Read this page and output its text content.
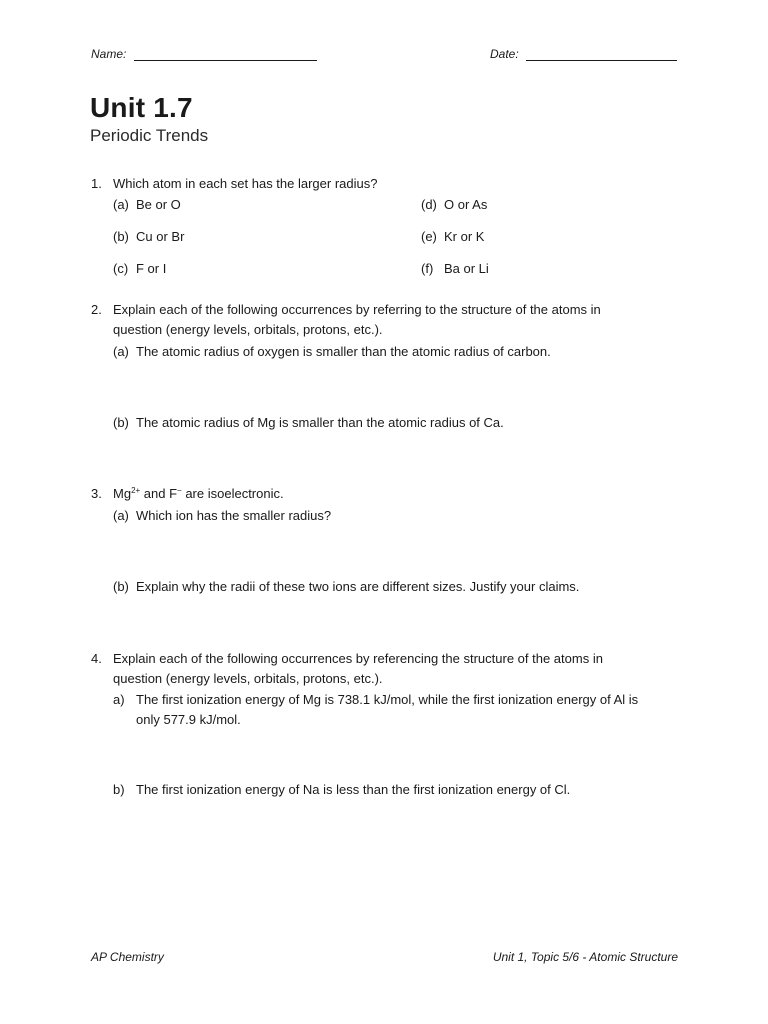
Name:	Date:
Unit 1.7
Periodic Trends
1. Which atom in each set has the larger radius?
(a) Be or O	(d) O or As
(b) Cu or Br	(e) Kr or K
(c) F or I	(f) Ba or Li
2. Explain each of the following occurrences by referring to the structure of the atoms in
question (energy levels, orbitals, protons, etc.).
(a) The atomic radius of oxygen is smaller than the atomic radius of carbon.
(b) The atomic radius of Mg is smaller than the atomic radius of Ca.
3. $Mg^{2+}$ and F− are isoelectronic.
(a) Which ion has the smaller radius?
(b) Explain why the radii of these two ions are different sizes. Justify your claims.
4. Explain each of the following occurrences by referencing the structure of the atoms in
question (energy levels, orbitals, protons, etc.).
a) The first ionization energy of Mg is 738.1 kJ/mol, while the first ionization energy of Al is
only 577.9 kJ/mol.
b) The first ionization energy of Na is less than the first ionization energy of Cl.
AP Chemistry	Unit 1, Topic 5/6 - Atomic Structure
